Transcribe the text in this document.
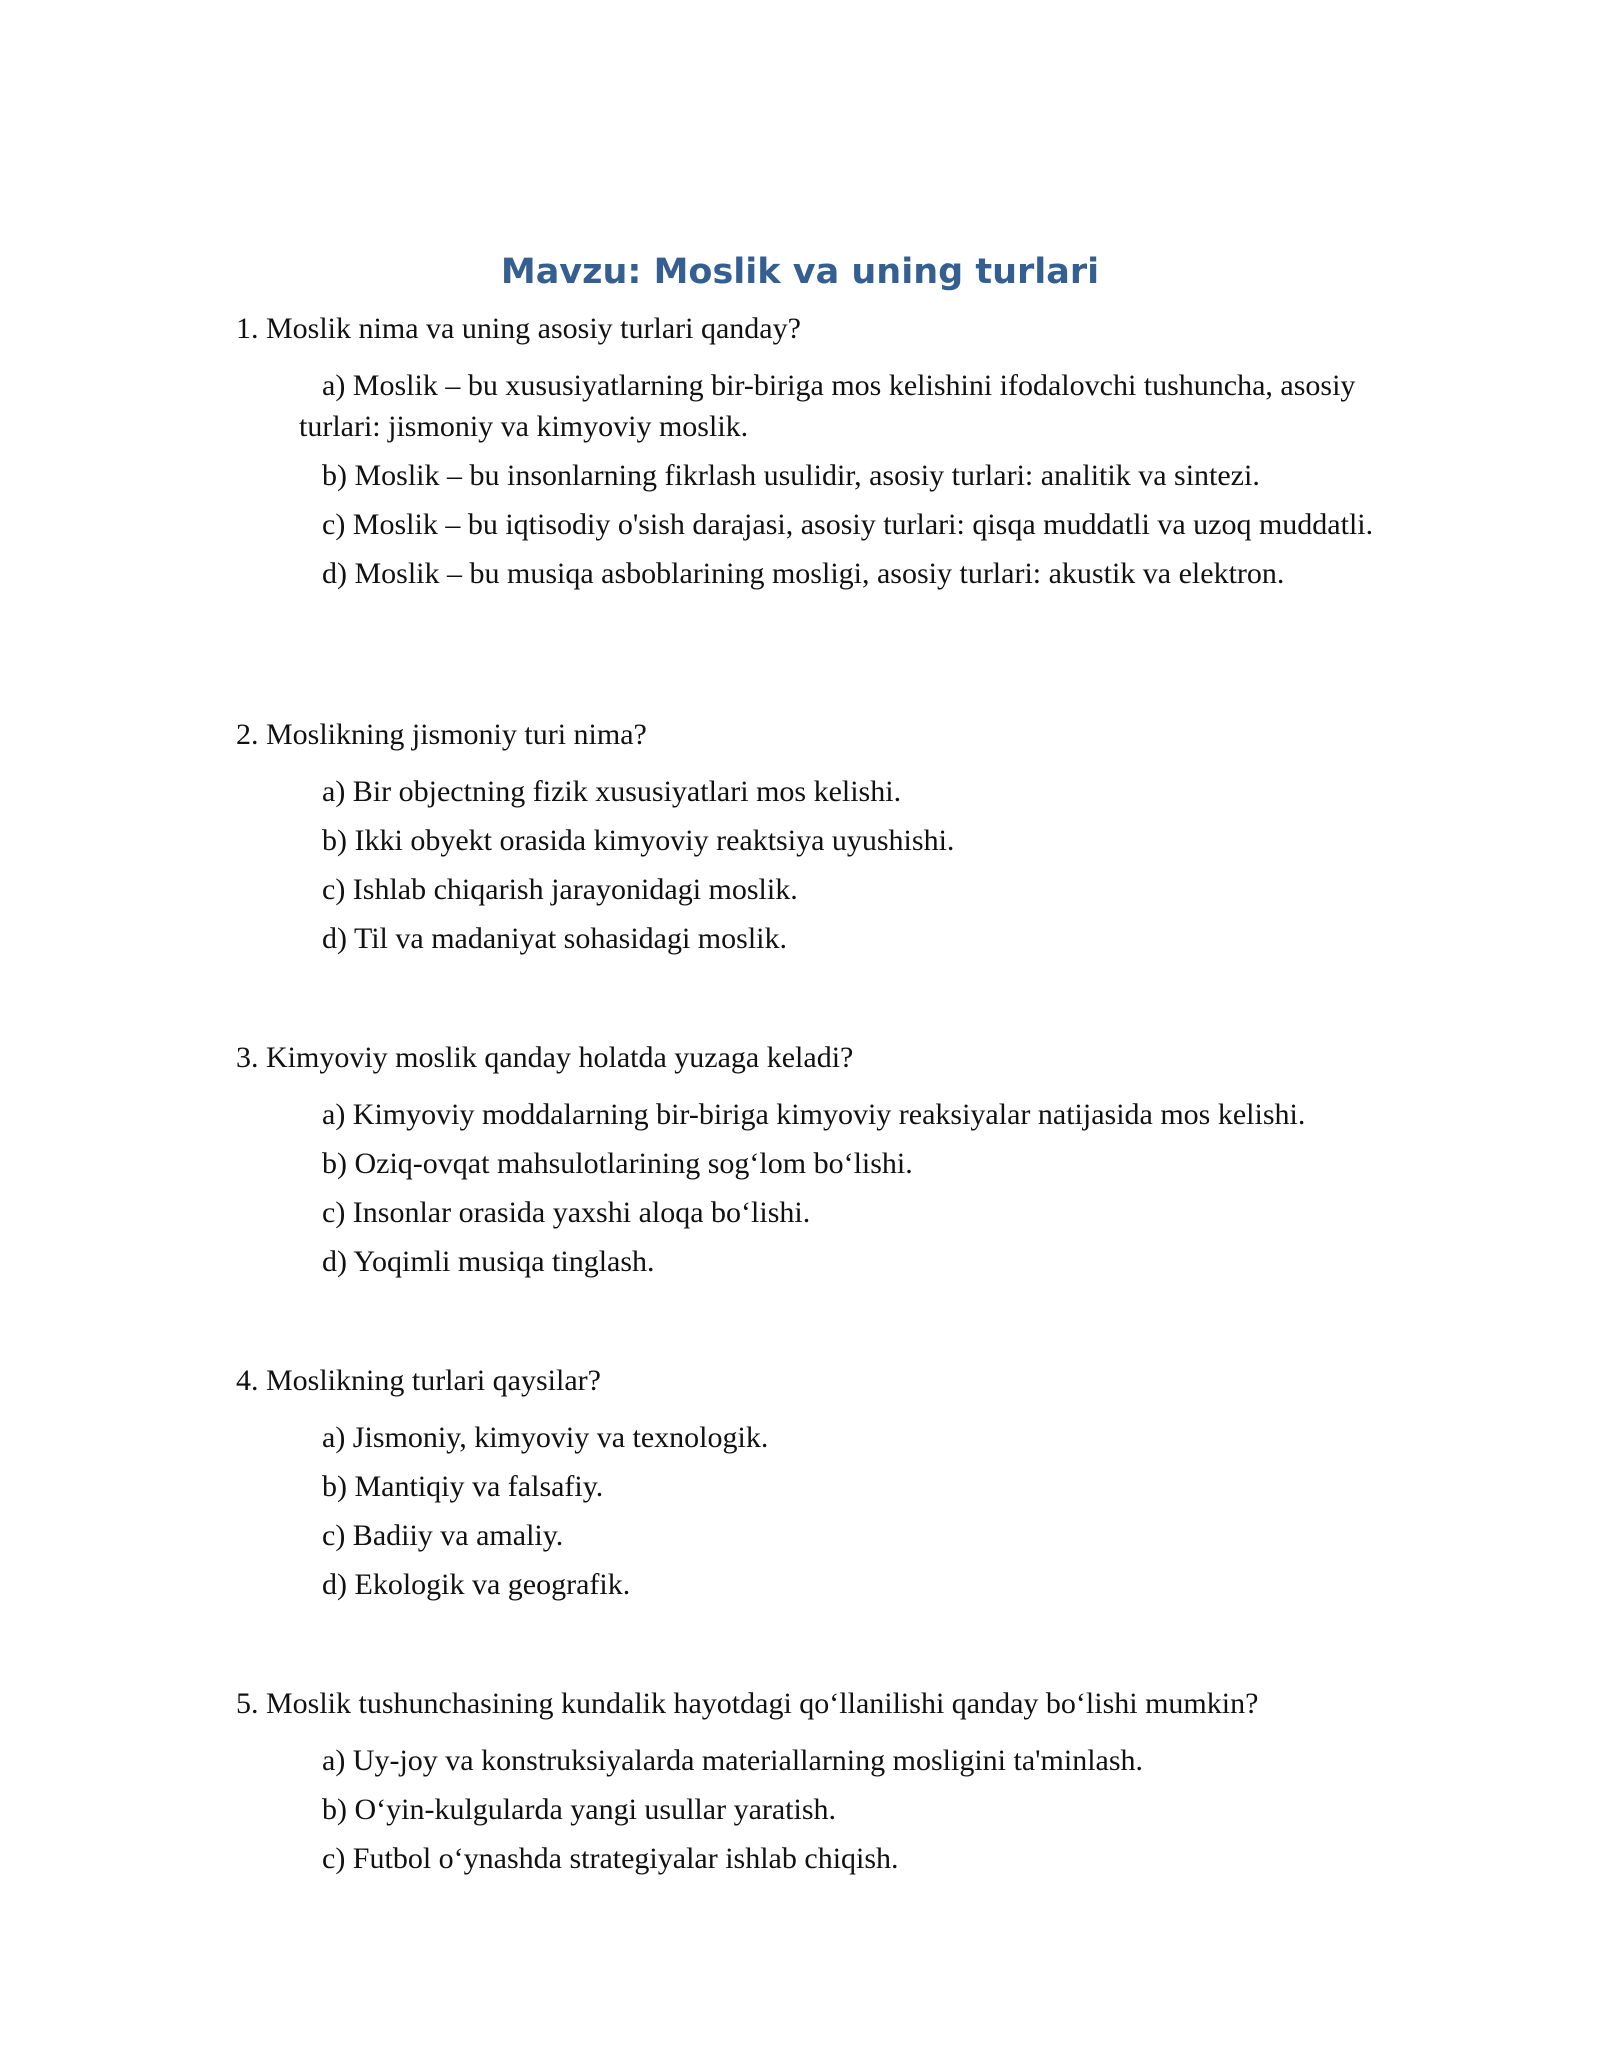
Mavzu: Moslik va uning turlari

1. Moslik nima va uning asosiy turlari qanday?

a) Moslik – bu xususiyatlarning bir-biriga mos kelishini ifodalovchi tushuncha, asosiy turlari: jismoniy va kimyoviy moslik.
b) Moslik – bu insonlarning fikrlash usulidir, asosiy turlari: analitik va sintezi.
c) Moslik – bu iqtisodiy o'sish darajasi, asosiy turlari: qisqa muddatli va uzoq muddatli.
d) Moslik – bu musiqa asboblarining mosligi, asosiy turlari: akustik va elektron.

2. Moslikning jismoniy turi nima?

a) Bir objectning fizik xususiyatlari mos kelishi.
b) Ikki obyekt orasida kimyoviy reaktsiya uyushishi.
c) Ishlab chiqarish jarayonidagi moslik.
d) Til va madaniyat sohasidagi moslik.

3. Kimyoviy moslik qanday holatda yuzaga keladi?

a) Kimyoviy moddalarning bir-biriga kimyoviy reaksiyalar natijasida mos kelishi.
b) Oziq-ovqat mahsulotlarining sog‘lom bo‘lishi.
c) Insonlar orasida yaxshi aloqa bo‘lishi.
d) Yoqimli musiqa tinglash.

4. Moslikning turlari qaysilar?

a) Jismoniy, kimyoviy va texnologik.
b) Mantiqiy va falsafiy.
c) Badiiy va amaliy.
d) Ekologik va geografik.

5. Moslik tushunchasining kundalik hayotdagi qo‘llanilishi qanday bo‘lishi mumkin?

a) Uy-joy va konstruksiyalarda materiallarning mosligini ta'minlash.
b) O‘yin-kulgularda yangi usullar yaratish.
c) Futbol o‘ynashda strategiyalar ishlab chiqish.
